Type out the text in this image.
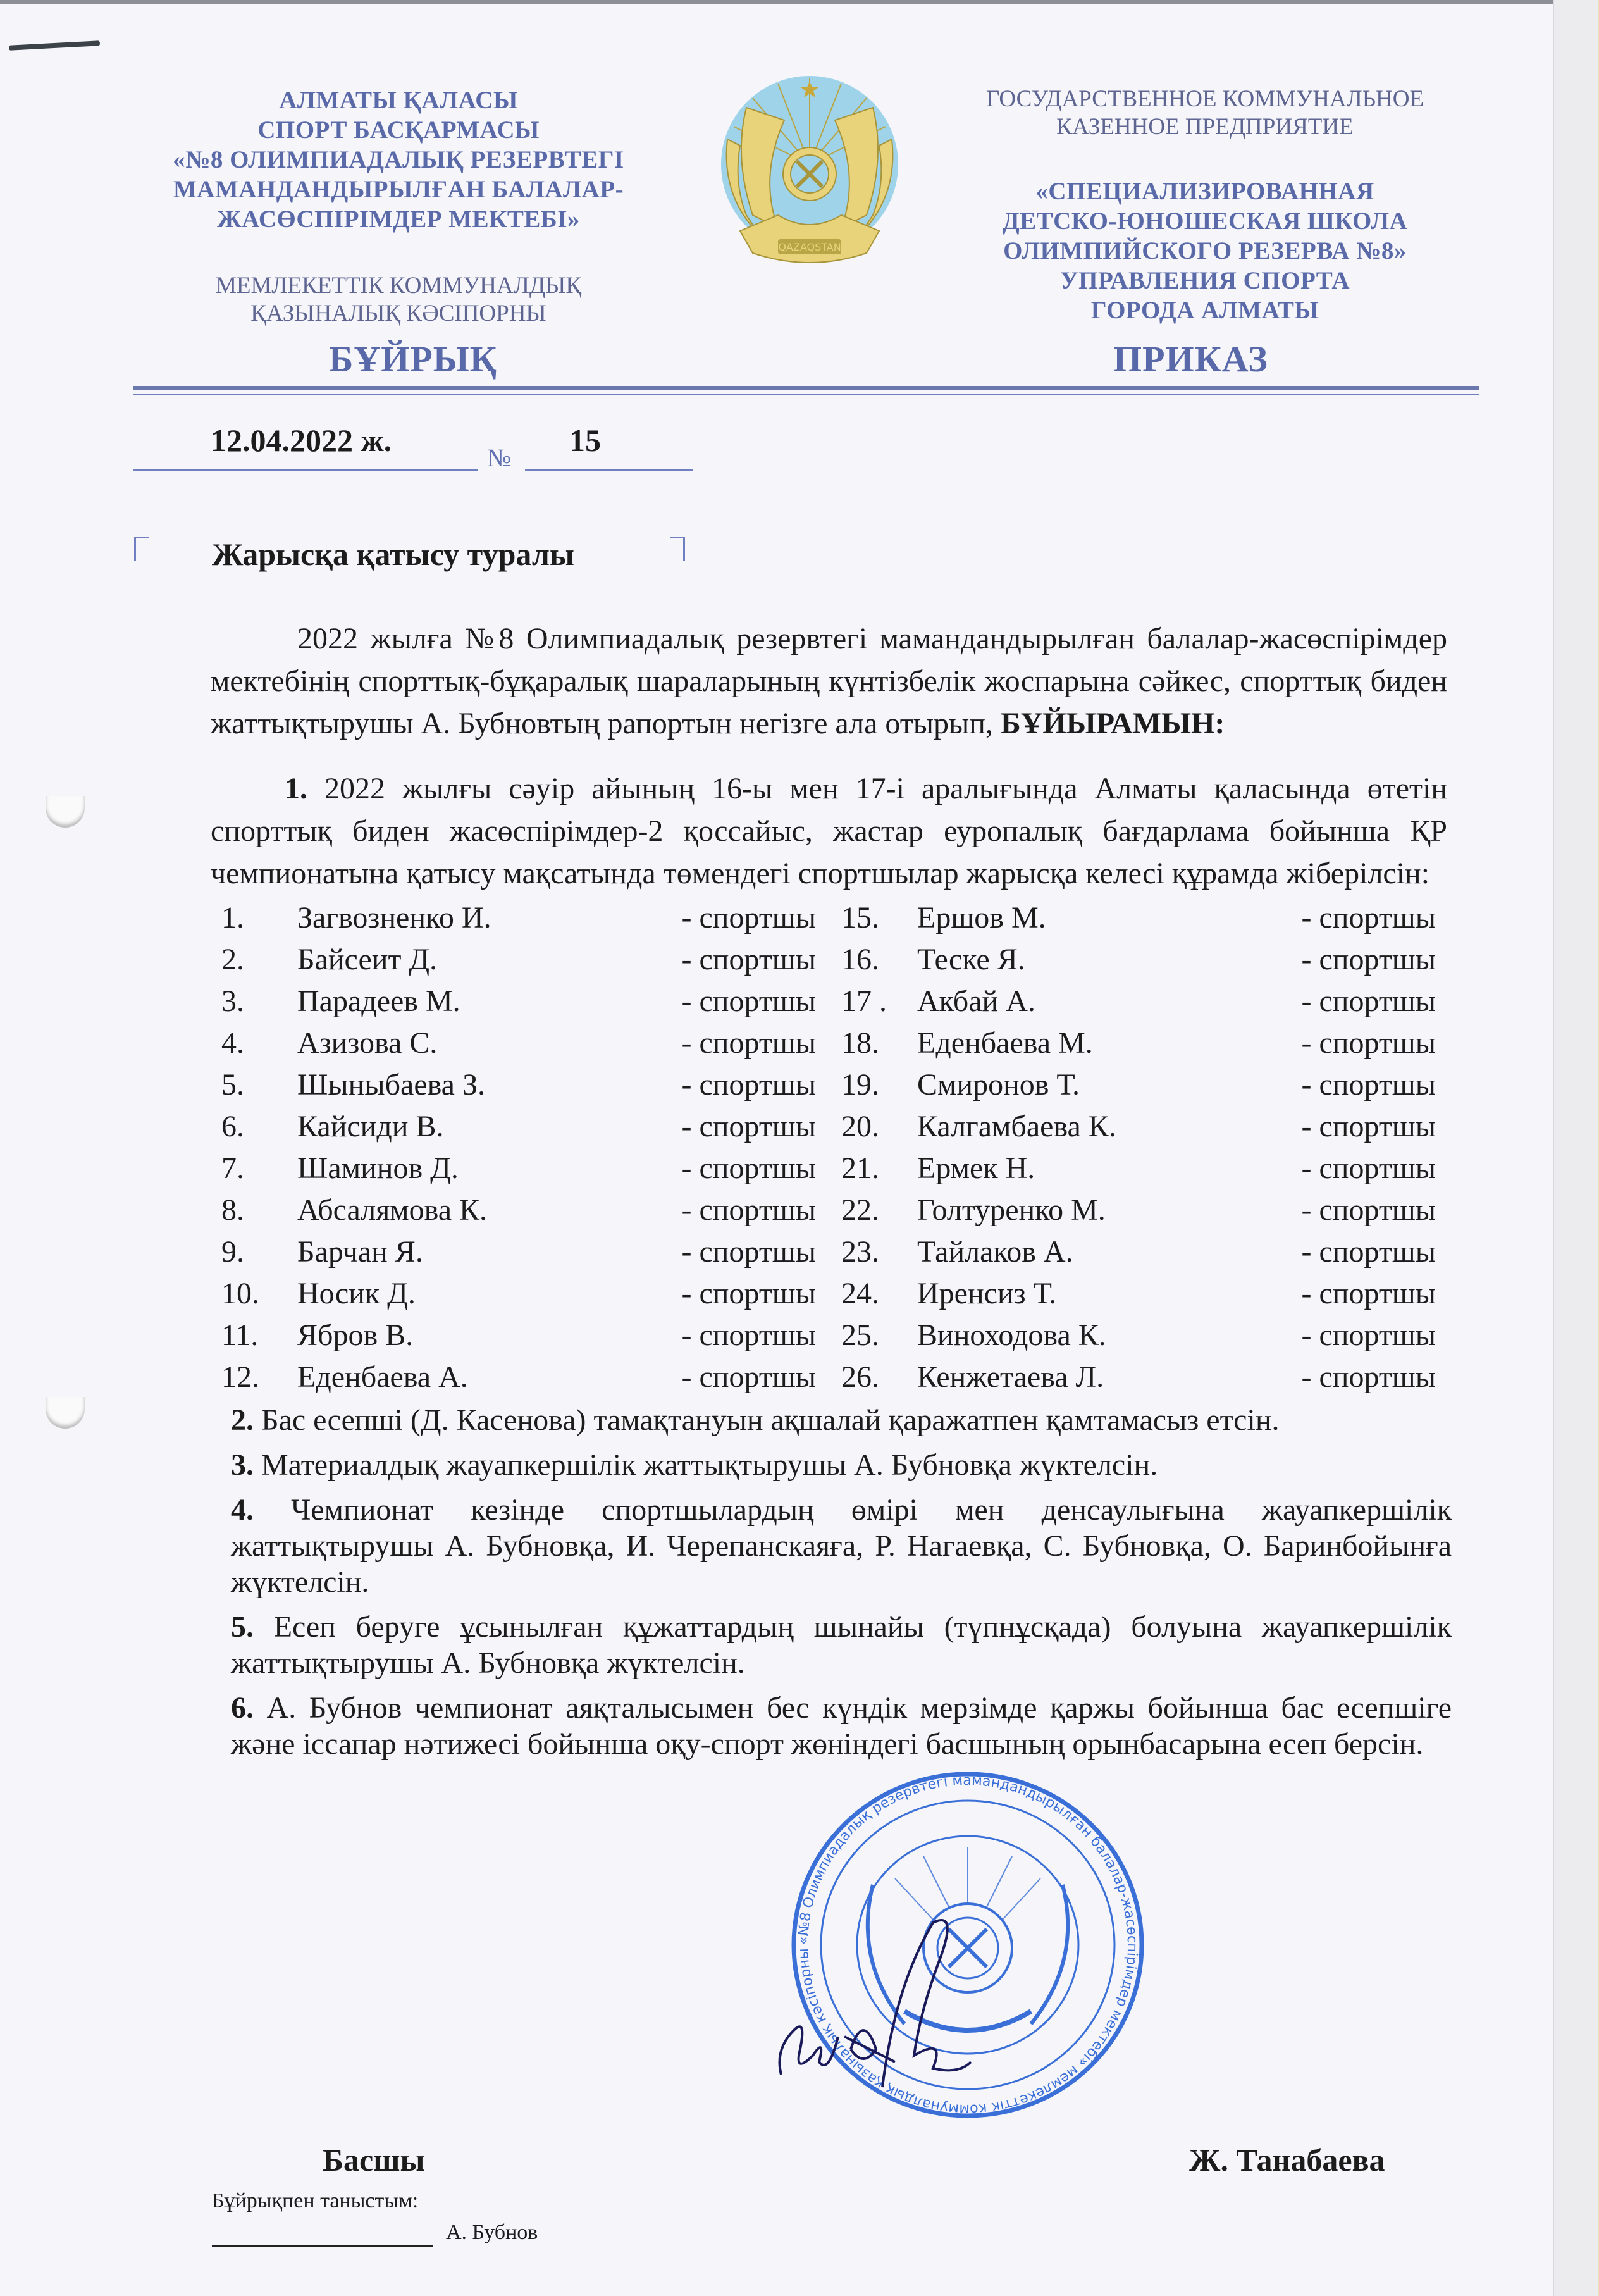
АЛМАТЫ ҚАЛАСЫ
СПОРТ БАСҚАРМАСЫ
«№8 ОЛИМПИАДАЛЫҚ РЕЗЕРВТЕГІ
МАМАНДАНДЫРЫЛҒАН БАЛАЛАР-
ЖАСӨСПІРІМДЕР МЕКТЕБІ»
МЕМЛЕКЕТТІК КОММУНАЛДЫҚ
ҚАЗЫНАЛЫҚ КӘСІПОРНЫ
БҰЙРЫҚ
QAZAQSTAN
ГОСУДАРСТВЕННОЕ КОММУНАЛЬНОЕ
КАЗЕННОЕ ПРЕДПРИЯТИЕ
«СПЕЦИАЛИЗИРОВАННАЯ
ДЕТСКО-ЮНОШЕСКАЯ ШКОЛА
ОЛИМПИЙСКОГО РЕЗЕРВА №8»
УПРАВЛЕНИЯ СПОРТА
ГОРОДА АЛМАТЫ
ПРИКАЗ
12.04.2022 ж.	№ 15
Жарысқа қатысу туралы
2022 жылға №8 Олимпиадалық резервтегі мамандандырылған балалар-жасөспірімдер мектебінің спорттық-бұқаралық шараларының күнтізбелік жоспарына сәйкес, спорттық биден жаттықтырушы А. Бубновтың рапортын негізге ала отырып, БҰЙЫРАМЫН:
1. 2022 жылғы сәуір айының 16-ы мен 17-і аралығында Алматы қаласында өтетін спорттық биден жасөспірімдер-2 қоссайыс, жастар еуропалық бағдарлама бойынша ҚР чемпионатына қатысу мақсатында төмендегі спортшылар жарысқа келесі құрамда жіберілсін:
1.	Загвозненко И.	- спортшы
2.	Байсеит Д.	- спортшы
3.	Парадеев М.	- спортшы
4.	Азизова С.	- спортшы
5.	Шыныбаева З.	- спортшы
6.	Кайсиди В.	- спортшы
7.	Шаминов Д.	- спортшы
8.	Абсалямова К.	- спортшы
9.	Барчан Я.	- спортшы
10.	Носик Д.	- спортшы
11.	Ябров В.	- спортшы
12.	Еденбаева А.	- спортшы
15.	Ершов М.	- спортшы
16.	Теске Я.	- спортшы
17 .	Акбай А.	- спортшы
18.	Еденбаева М.	- спортшы
19.	Смиронов Т.	- спортшы
20.	Калгамбаева К.	- спортшы
21.	Ермек Н.	- спортшы
22.	Голтуренко М.	- спортшы
23.	Тайлаков А.	- спортшы
24.	Иренсиз Т.	- спортшы
25.	Виноходова К.	- спортшы
26.	Кенжетаева Л.	- спортшы
2. Бас есепші (Д. Касенова) тамақтануын ақшалай қаражатпен қамтамасыз етсін.
3. Материалдық жауапкершілік жаттықтырушы А. Бубновқа жүктелсін.
4. Чемпионат кезінде спортшылардың өмірі мен денсаулығына жауапкершілік жаттықтырушы А. Бубновқа, И. Черепанскаяға, Р. Нагаевқа, С. Бубновқа, О. Баринбойынға жүктелсін.
5. Есеп беруге ұсынылған құжаттардың шынайы (түпнұсқада) болуына жауапкершілік жаттықтырушы А. Бубновқа жүктелсін.
6. А. Бубнов чемпионат аяқталысымен бес күндік мерзімде қаржы бойынша бас есепшіге және іссапар нәтижесі бойынша оқу-спорт жөніндегі басшының орынбасарына есеп берсін.
«№8 Олимпиадалық резервтегі мамандандырылған балалар-жасөспірімдер мектебі» мемлекеттік коммуналдық қазыналық кәсіпорны
Басшы	Ж. Танабаева
Бұйрықпен таныстым:
А. Бубнов
